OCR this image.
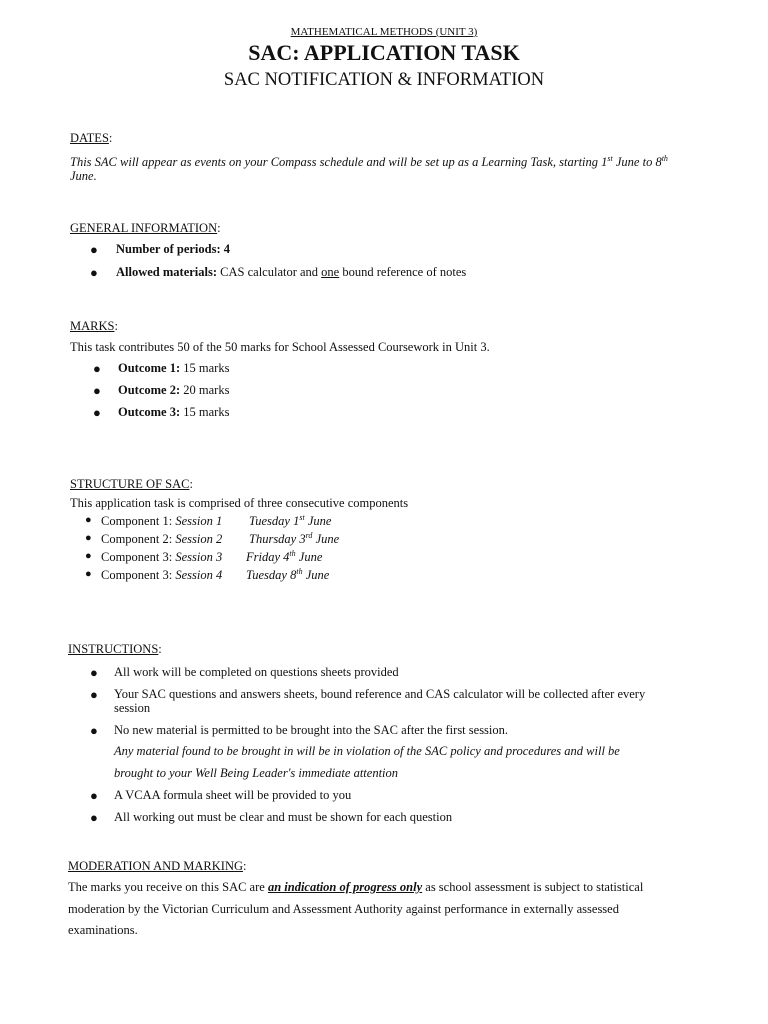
MATHEMATICAL METHODS (UNIT 3)
SAC: APPLICATION TASK
SAC NOTIFICATION & INFORMATION
DATES:
This SAC will appear as events on your Compass schedule and will be set up as a Learning Task, starting 1st June to 8th
June.
GENERAL INFORMATION:
● Number of periods: 4
● Allowed materials: CAS calculator and one bound reference of notes
MARKS:
This task contributes 50 of the 50 marks for School Assessed Coursework in Unit 3.
● Outcome 1: 15 marks
● Outcome 2: 20 marks
● Outcome 3: 15 marks
STRUCTURE OF SAC:
This application task is comprised of three consecutive components
● Component 1: Session 1 Tuesday 1st June
● Component 2: Session 2 Thursday 3rd June
● Component 3: Session 3 Friday 4th June
● Component 3: Session 4 Tuesday 8th June
INSTRUCTIONS:
● All work will be completed on questions sheets provided
● Your SAC questions and answers sheets, bound reference and CAS calculator will be collected after every
session
● No new material is permitted to be brought into the SAC after the first session.
Any material found to be brought in will be in violation of the SAC policy and procedures and will be
brought to your Well Being Leader's immediate attention
● A VCAA formula sheet will be provided to you
● All working out must be clear and must be shown for each question
MODERATION AND MARKING:
The marks you receive on this SAC are an indication of progress only as school assessment is subject to statistical
moderation by the Victorian Curriculum and Assessment Authority against performance in externally assessed
examinations.
